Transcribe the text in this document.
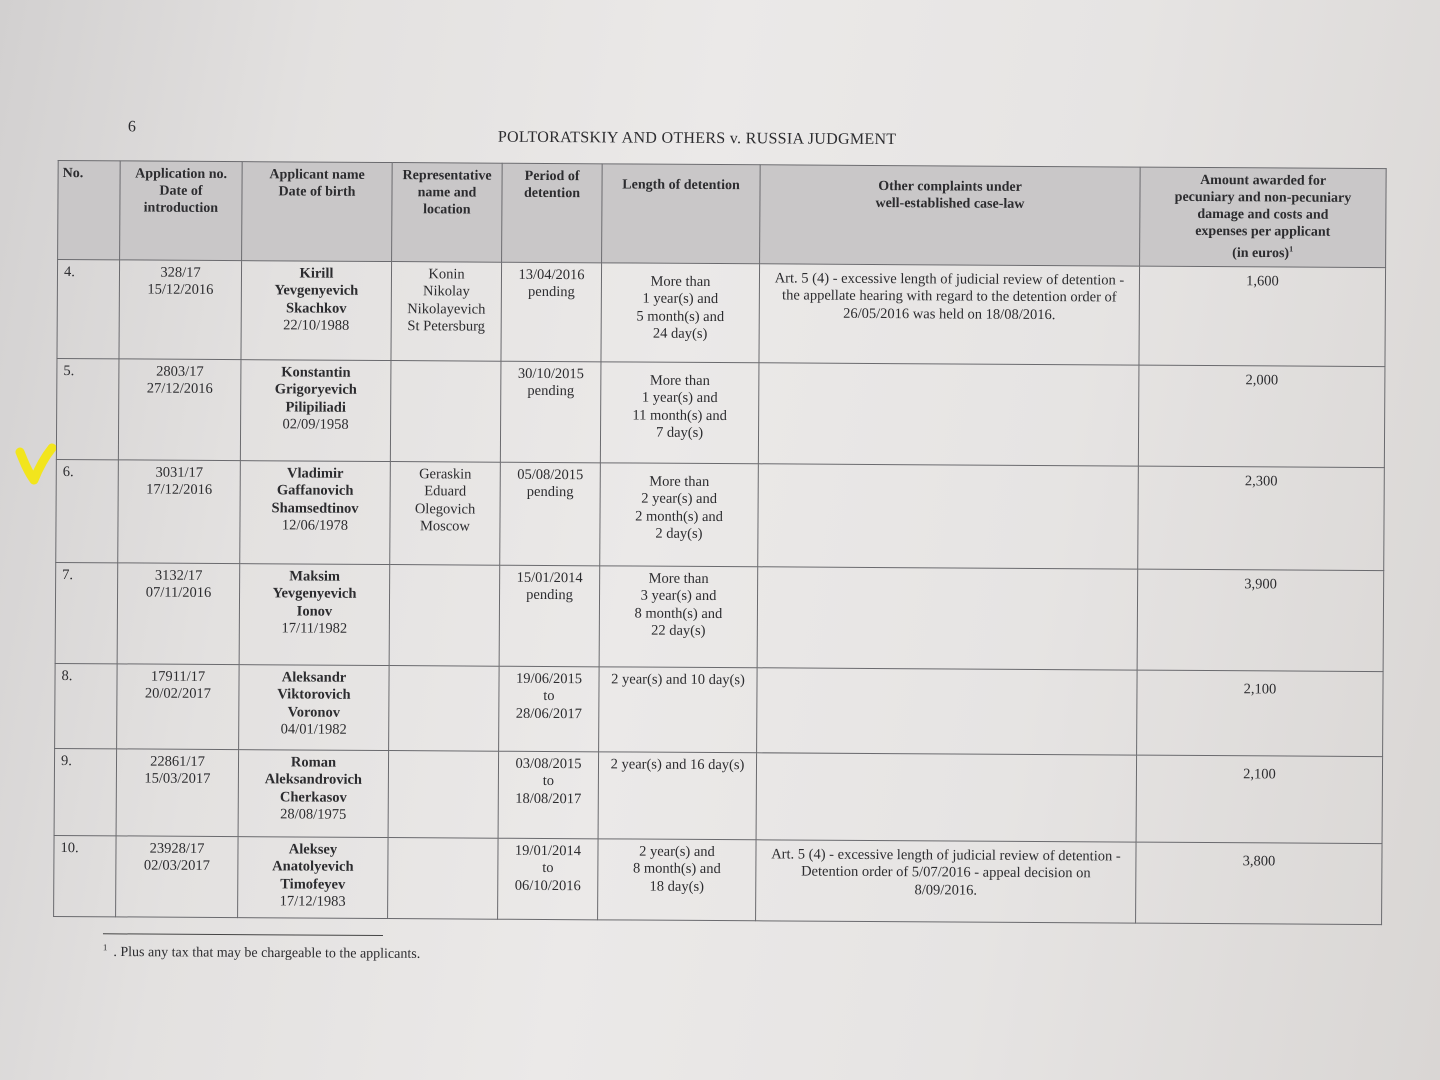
6
POLTORATSKIY AND OTHERS v. RUSSIA JUDGMENT
No.	Application no.
Date of
introduction	Applicant name
Date of birth	Representative
name and
location	Period of
detention	Length of detention	Other complaints under
well-established case-law	Amount awarded for
pecuniary and non-pecuniary
damage and costs and
expenses per applicant
(in euros)$^1$

4.	328/17
15/12/2016	Kirill
Yevgenyevich
Skachkov
22/10/1988	Konin
Nikolay
Nikolayevich
St Petersburg	13/04/2016
pending	More than
1 year(s) and
5 month(s) and
24 day(s)	Art. 5 (4) - excessive length of judicial review of detention - the appellate hearing with regard to the detention order of 26/05/2016 was held on 18/08/2016.	1,600
5.	2803/17
27/12/2016	Konstantin
Grigoryevich
Pilipiliadi
02/09/1958		30/10/2015
pending	More than
1 year(s) and
11 month(s) and
7 day(s)		2,000
6.	3031/17
17/12/2016	Vladimir
Gaffanovich
Shamsedtinov
12/06/1978	Geraskin
Eduard
Olegovich
Moscow	05/08/2015
pending	More than
2 year(s) and
2 month(s) and
2 day(s)		2,300
7.	3132/17
07/11/2016	Maksim
Yevgenyevich
Ionov
17/11/1982		15/01/2014
pending	More than
3 year(s) and
8 month(s) and
22 day(s)		3,900
8.	17911/17
20/02/2017	Aleksandr
Viktorovich
Voronov
04/01/1982		19/06/2015
to
28/06/2017	2 year(s) and 10 day(s)		2,100
9.	22861/17
15/03/2017	Roman
Aleksandrovich
Cherkasov
28/08/1975		03/08/2015
to
18/08/2017	2 year(s) and 16 day(s)		2,100
10.	23928/17
02/03/2017	Aleksey
Anatolyevich
Timofeyev
17/12/1983		19/01/2014
to
06/10/2016	2 year(s) and
8 month(s) and
18 day(s)	Art. 5 (4) - excessive length of judicial review of detention - Detention order of 5/07/2016 - appeal decision on 8/09/2016.	3,800
$^1$ . Plus any tax that may be chargeable to the applicants.
